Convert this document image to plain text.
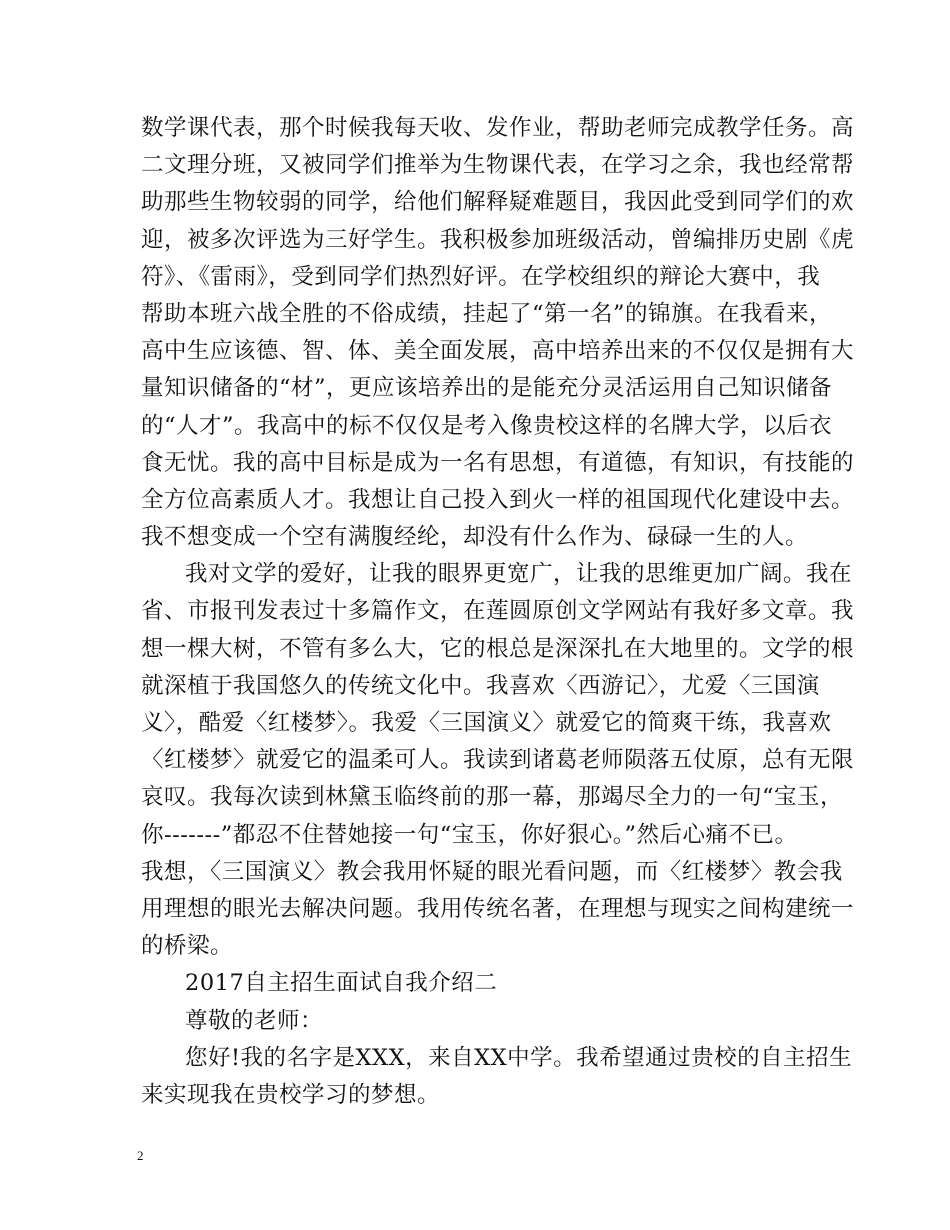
数学课代表，那个时候我每天收、发作业，帮助老师完成教学任务。高
二文理分班，又被同学们推举为生物课代表，在学习之余，我也经常帮
助那些生物较弱的同学，给他们解释疑难题目，我因此受到同学们的欢
迎，被多次评选为三好学生。我积极参加班级活动，曾编排历史剧《虎
符》、《雷雨》，受到同学们热烈好评。在学校组织的辩论大赛中，我
帮助本班六战全胜的不俗成绩，挂起了“第一名”的锦旗。在我看来，
高中生应该德、智、体、美全面发展，高中培养出来的不仅仅是拥有大
量知识储备的“材”，更应该培养出的是能充分灵活运用自己知识储备
的“人才”。我高中的标不仅仅是考入像贵校这样的名牌大学，以后衣
食无忧。我的高中目标是成为一名有思想，有道德，有知识，有技能的
全方位高素质人才。我想让自己投入到火一样的祖国现代化建设中去。
我不想变成一个空有满腹经纶，却没有什么作为、碌碌一生的人。
我对文学的爱好，让我的眼界更宽广，让我的思维更加广阔。我在
省、市报刊发表过十多篇作文，在莲圆原创文学网站有我好多文章。我
想一棵大树，不管有多么大，它的根总是深深扎在大地里的。文学的根
就深植于我国悠久的传统文化中。我喜欢〈西游记〉，尤爱〈三国演
义〉，酷爱〈红楼梦〉。我爱〈三国演义〉就爱它的简爽干练，我喜欢
〈红楼梦〉就爱它的温柔可人。我读到诸葛老师陨落五仗原，总有无限
哀叹。我每次读到林黛玉临终前的那一幕，那竭尽全力的一句“宝玉，
你-------”都忍不住替她接一句“宝玉，你好狠心。”然后心痛不已。
我想，〈三国演义〉教会我用怀疑的眼光看问题，而〈红楼梦〉教会我
用理想的眼光去解决问题。我用传统名著，在理想与现实之间构建统一
的桥梁。
2017自主招生面试自我介绍二
尊敬的老师：
您好!我的名字是XXX，来自XX中学。我希望通过贵校的自主招生
来实现我在贵校学习的梦想。
2
